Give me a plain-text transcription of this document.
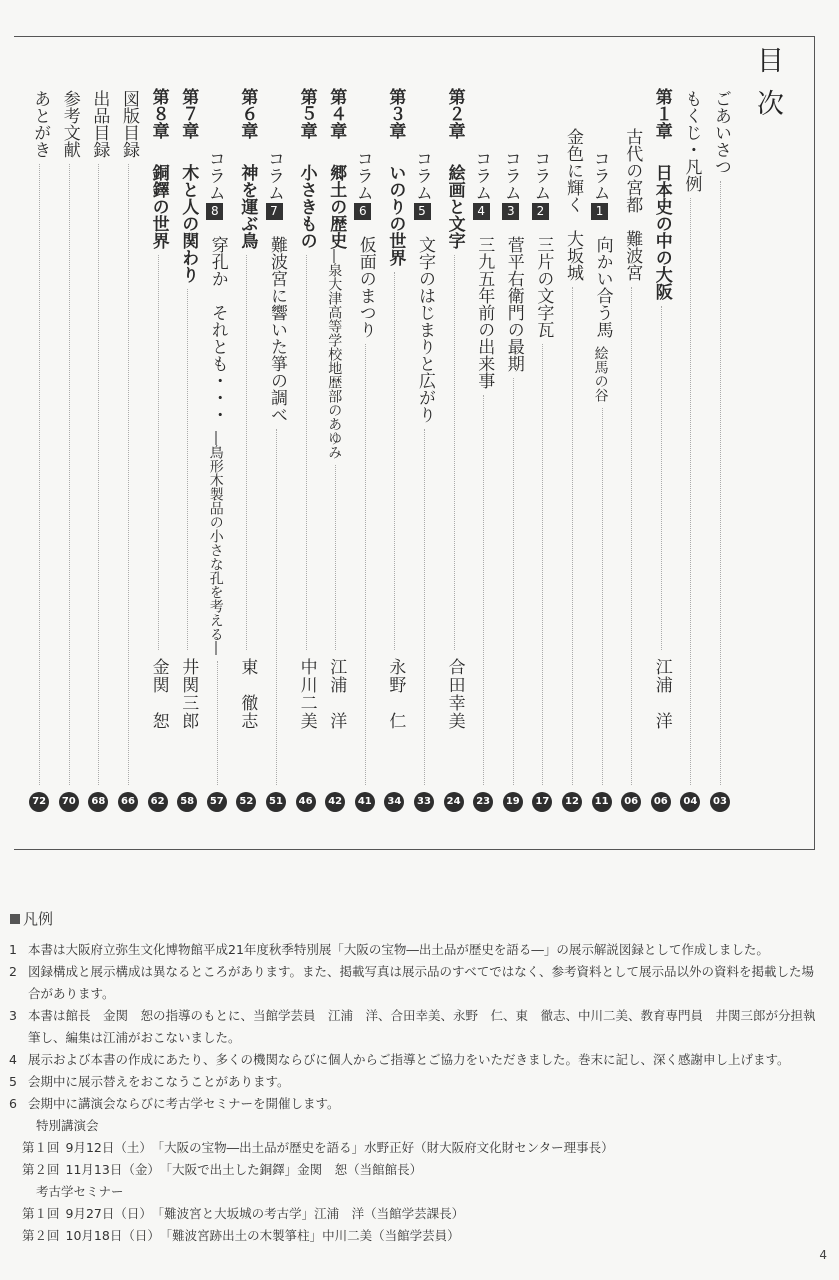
目次
ごあいさつ
03
もくじ・凡例
04
第１章
日本史の中の大阪
江浦　洋
06
古代の宮都　難波宮
06
コラム1
向かい合う馬
絵馬の谷
11
金色に輝く　大坂城
12
コラム2
三片の文字瓦
17
コラム3
菅平右衛門の最期
19
コラム4
三九五年前の出来事
23
第２章
絵画と文字
合田幸美
24
コラム5
文字のはじまりと広がり
33
第３章
いのりの世界
永野　仁
34
コラム6
仮面のまつり
41
第４章
郷土の歴史
―泉大津高等学校地歴部のあゆみ
江浦　洋
42
第５章
小さきもの
中川二美
46
コラム7
難波宮に響いた箏の調べ
51
第６章
神を運ぶ鳥
東　徹志
52
コラム8
穿孔か　それとも・・・
―鳥形木製品の小さな孔を考える―
57
第７章
木と人の関わり
井関三郎
58
第８章
銅鐸の世界
金関　恕
62
図版目録
66
出品目録
68
参考文献
70
あとがき
72
凡例
1 本書は大阪府立弥生文化博物館平成21年度秋季特別展「大阪の宝物―出土品が歴史を語る―」の展示解説図録として作成しました。
2 図録構成と展示構成は異なるところがあります。また、掲載写真は展示品のすべてではなく、参考資料として展示品以外の資料を掲載した場合があります。
3 本書は館長　金関　恕の指導のもとに、当館学芸員　江浦　洋、合田幸美、永野　仁、東　徹志、中川二美、教育専門員　井関三郎が分担執筆し、編集は江浦がおこないました。
4 展示および本書の作成にあたり、多くの機関ならびに個人からご指導とご協力をいただきました。巻末に記し、深く感謝申し上げます。
5 会期中に展示替えをおこなうことがあります。
6 会期中に講演会ならびに考古学セミナーを開催します。
特別講演会
第１回 9月12日（土） 「大阪の宝物―出土品が歴史を語る」水野正好（財大阪府文化財センター理事長）
第２回 11月13日（金） 「大阪で出土した銅鐸」金関　恕（当館館長）
考古学セミナー
第１回 9月27日（日） 「難波宮と大坂城の考古学」江浦　洋（当館学芸課長）
第２回 10月18日（日） 「難波宮跡出土の木製箏柱」中川二美（当館学芸員）
4
